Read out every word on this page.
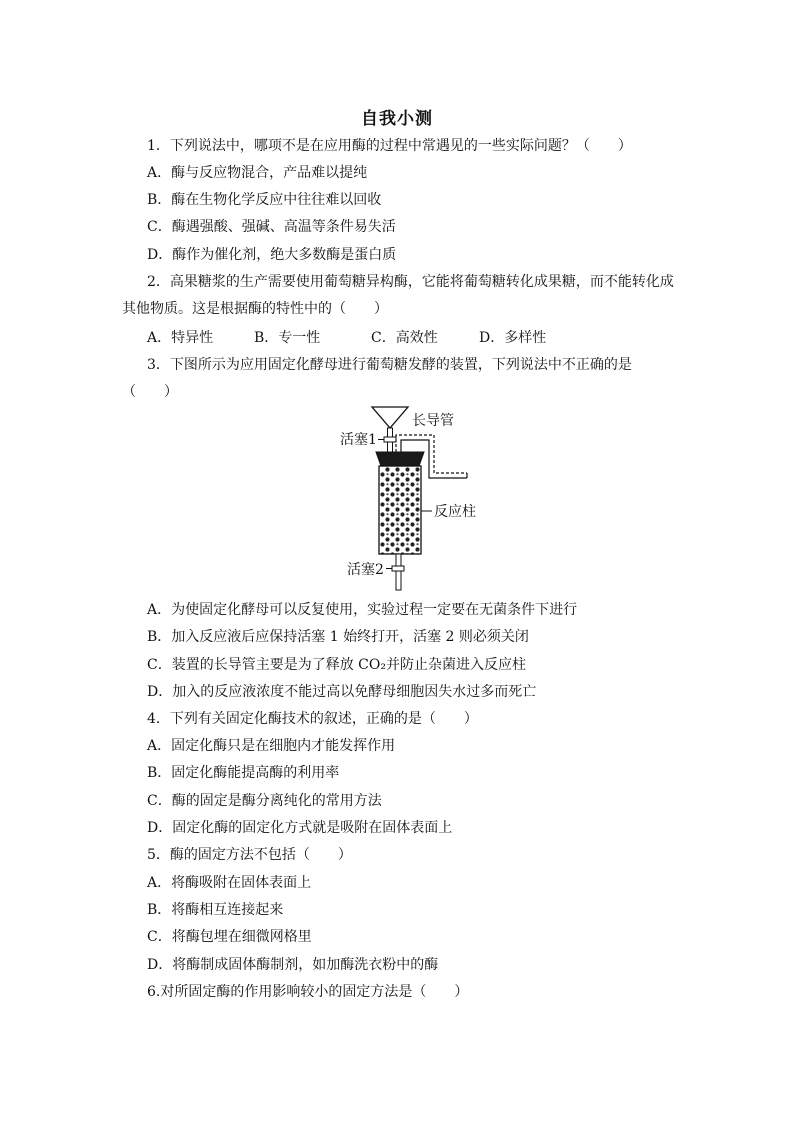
自我小测
1．下列说法中，哪项不是在应用酶的过程中常遇见的一些实际问题？（　　）
A．酶与反应物混合，产品难以提纯
B．酶在生物化学反应中往往难以回收
C．酶遇强酸、强碱、高温等条件易失活
D．酶作为催化剂，绝大多数酶是蛋白质
2．高果糖浆的生产需要使用葡萄糖异构酶，它能将葡萄糖转化成果糖，而不能转化成
其他物质。这是根据酶的特性中的（　　）
A．特异性	B．专一性	C．高效性	D．多样性
3．下图所示为应用固定化酵母进行葡萄糖发酵的装置，下列说法中不正确的是
（　　）
长导管
活塞1
反应柱
活塞2
A．为使固定化酵母可以反复使用，实验过程一定要在无菌条件下进行
B．加入反应液后应保持活塞 1 始终打开，活塞 2 则必须关闭
C．装置的长导管主要是为了释放 CO₂并防止杂菌进入反应柱
D．加入的反应液浓度不能过高以免酵母细胞因失水过多而死亡
4．下列有关固定化酶技术的叙述，正确的是（　　）
A．固定化酶只是在细胞内才能发挥作用
B．固定化酶能提高酶的利用率
C．酶的固定是酶分离纯化的常用方法
D．固定化酶的固定化方式就是吸附在固体表面上
5．酶的固定方法不包括（　　）
A．将酶吸附在固体表面上
B．将酶相互连接起来
C．将酶包埋在细微网格里
D．将酶制成固体酶制剂，如加酶洗衣粉中的酶
6.对所固定酶的作用影响较小的固定方法是（　　）
